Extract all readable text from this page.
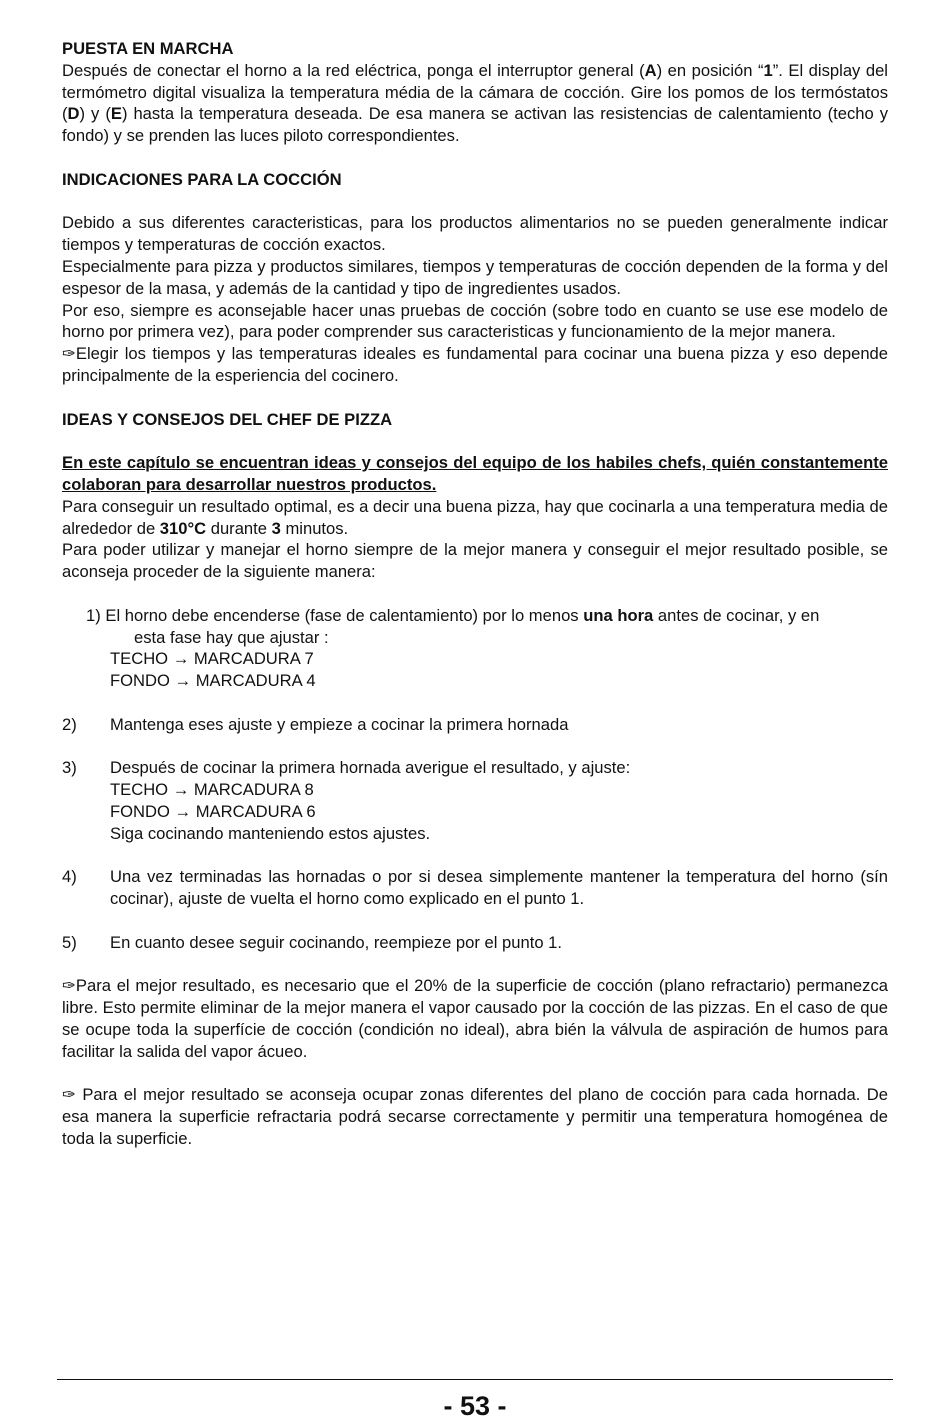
PUESTA EN MARCHA

Después de conectar el horno a la red eléctrica, ponga el interruptor general (A) en posición “1”. El display del termómetro digital visualiza la temperatura média de la cámara de cocción. Gire los pomos de los termóstatos (D) y (E) hasta la temperatura deseada. De esa manera se activan las resistencias de calentamiento (techo y fondo) y se prenden las luces piloto correspondientes.

INDICACIONES PARA LA COCCIÓN

Debido a sus diferentes caracteristicas, para los productos alimentarios no se pueden generalmente indicar tiempos y temperaturas de cocción exactos.

Especialmente para pizza y productos similares, tiempos y temperaturas de cocción dependen de la forma y del espesor de la masa, y además de la cantidad y tipo de ingredientes usados.

Por eso, siempre es aconsejable hacer unas pruebas de cocción (sobre todo en cuanto se use ese modelo de horno por primera vez), para poder comprender sus caracteristicas y funcionamiento de la mejor manera.

✑Elegir los tiempos y las temperaturas ideales es fundamental para cocinar una buena pizza y eso depende principalmente de la esperiencia del cocinero.

IDEAS Y CONSEJOS DEL CHEF DE PIZZA

En este capítulo se encuentran ideas y consejos del equipo de los habiles chefs, quién constantemente colaboran para desarrollar nuestros productos.

Para conseguir un resultado optimal, es a decir una buena pizza, hay que cocinarla a una temperatura media de alrededor de 310°C durante 3 minutos.

Para poder utilizar y manejar el horno siempre de la mejor manera y conseguir el mejor resultado posible, se aconseja proceder de la siguiente manera:

1) El horno debe encenderse (fase de calentamiento) por lo menos una hora antes de cocinar, y en

esta fase hay que ajustar :

TECHO → MARCADURA 7

FONDO → MARCADURA 4

2)	Mantenga eses ajuste y empieze a cocinar la primera hornada
3)	Después de cocinar la primera hornada averigue el resultado, y ajuste:

TECHO → MARCADURA 8

FONDO → MARCADURA 6

Siga cocinando manteniendo estos ajustes.

4)	Una vez terminadas las hornadas o por si desea simplemente mantener la temperatura del horno (sín cocinar), ajuste de vuelta el horno como explicado en el punto 1.
5)	En cuanto desee seguir cocinando, reempieze por el punto 1.

✑Para el mejor resultado, es necesario que el 20% de la superficie de cocción (plano refractario) permanezca libre. Esto permite eliminar de la mejor manera el vapor causado por la cocción de las pizzas. En el caso de que se ocupe toda la superfície de cocción (condición no ideal), abra bién la válvula de aspiración de humos para facilitar la salida del vapor ácueo.

✑ Para el mejor resultado se aconseja ocupar zonas diferentes del plano de cocción para cada hornada. De esa manera la superficie refractaria podrá secarse correctamente y permitir una temperatura homogénea de toda la superficie.

- 53 -
